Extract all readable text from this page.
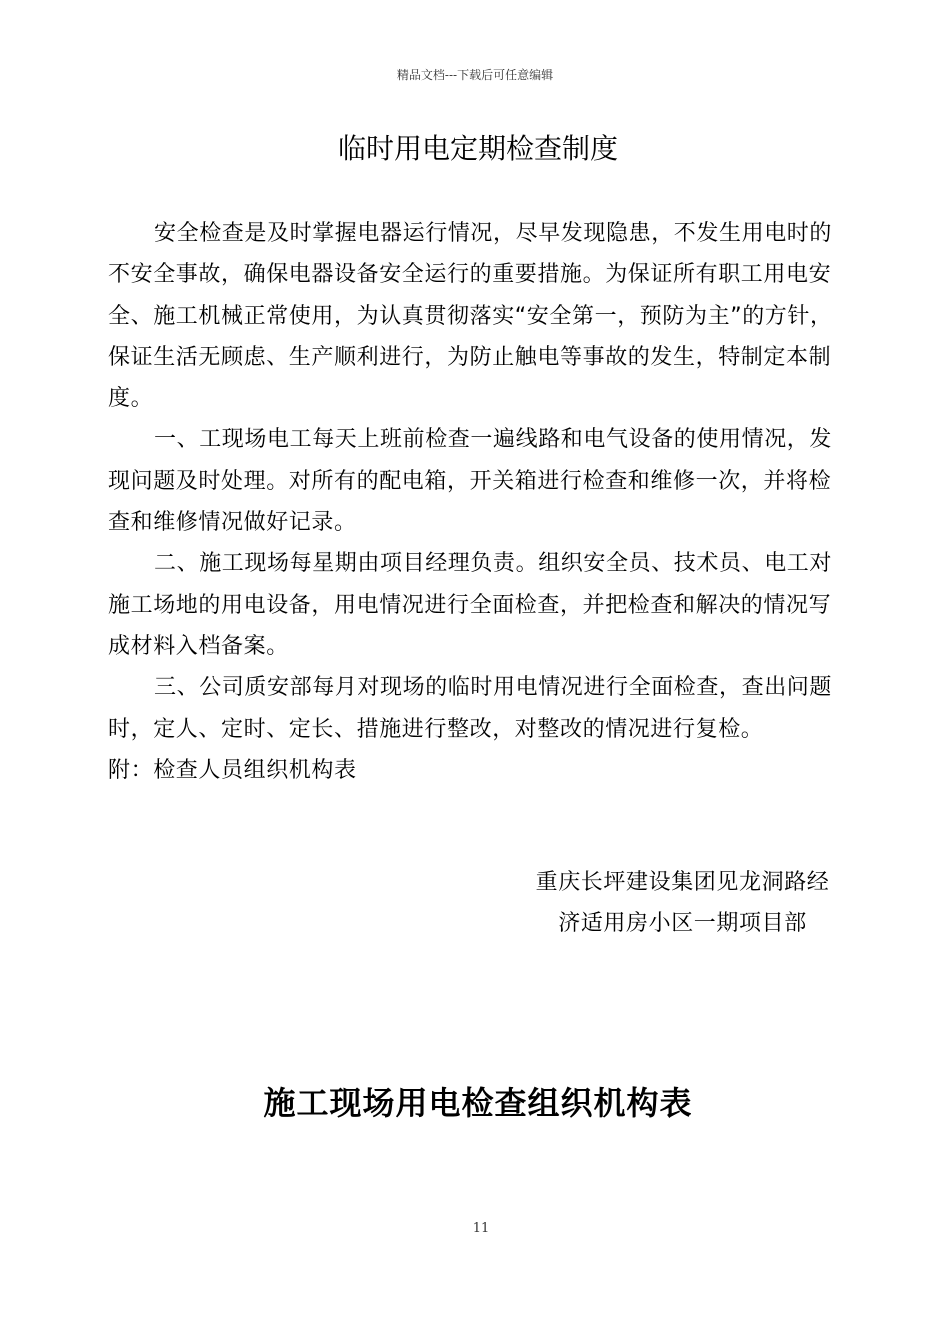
精品文档---下载后可任意编辑
临时用电定期检查制度

安全检查是及时掌握电器运行情况，尽早发现隐患，不发生用电时的不安全事故，确保电器设备安全运行的重要措施。为保证所有职工用电安全、施工机械正常使用，为认真贯彻落实“安全第一，预防为主”的方针，保证生活无顾虑、生产顺利进行，为防止触电等事故的发生，特制定本制度。

一、工现场电工每天上班前检查一遍线路和电气设备的使用情况，发现问题及时处理。对所有的配电箱，开关箱进行检查和维修一次，并将检查和维修情况做好记录。

二、施工现场每星期由项目经理负责。组织安全员、技术员、电工对施工场地的用电设备，用电情况进行全面检查，并把检查和解决的情况写成材料入档备案。

三、公司质安部每月对现场的临时用电情况进行全面检查，查出问题时，定人、定时、定长、措施进行整改，对整改的情况进行复检。

附：检查人员组织机构表

重庆长坪建设集团见龙洞路经
济适用房小区一期项目部
施工现场用电检查组织机构表
11
